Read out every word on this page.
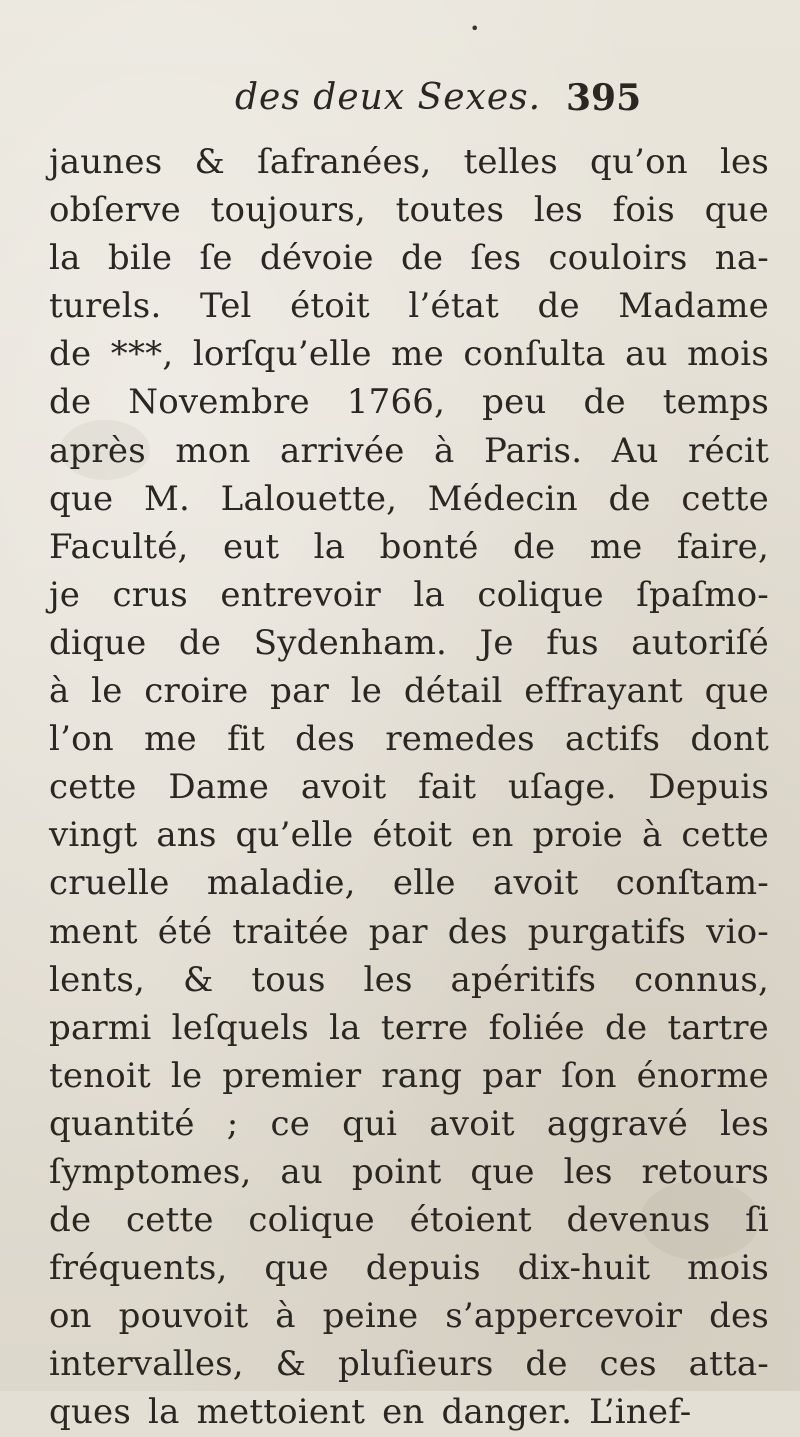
•
des deux Sexes. 395
jaunes & ſafranées, telles qu’on les
obſerve toujours, toutes les fois que
la bile ſe dévoie de ſes couloirs na-
turels. Tel étoit l’état de Madame
de ***, lorſqu’elle me conſulta au mois
de Novembre 1766, peu de temps
après mon arrivée à Paris. Au récit
que M. Lalouette, Médecin de cette
Faculté, eut la bonté de me faire,
je crus entrevoir la colique ſpaſmo-
dique de Sydenham. Je fus autoriſé
à le croire par le détail effrayant que
l’on me fit des remedes actifs dont
cette Dame avoit fait uſage. Depuis
vingt ans qu’elle étoit en proie à cette
cruelle maladie, elle avoit conſtam-
ment été traitée par des purgatifs vio-
lents, & tous les apéritifs connus,
parmi leſquels la terre foliée de tartre
tenoit le premier rang par ſon énorme
quantité ; ce qui avoit aggravé les
ſymptomes, au point que les retours
de cette colique étoient devenus ſi
fréquents, que depuis dix-huit mois
on pouvoit à peine s’appercevoir des
intervalles, & pluſieurs de ces atta-
ques la mettoient en danger. L’inef-
